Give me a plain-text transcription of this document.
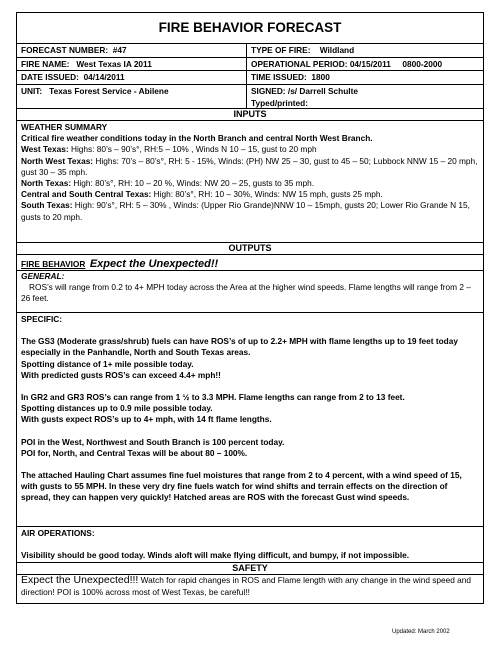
FIRE BEHAVIOR FORECAST
FORECAST NUMBER: #47	TYPE OF FIRE: Wildland
FIRE NAME: West Texas IA 2011	OPERATIONAL PERIOD: 04/15/2011 0800-2000
DATE ISSUED: 04/14/2011	TIME ISSUED: 1800
UNIT: Texas Forest Service - Abilene	SIGNED: /s/ Darrell Schulte
Typed/printed:
INPUTS
WEATHER SUMMARY
Critical fire weather conditions today in the North Branch and central North West Branch.
West Texas: Highs: 80’s – 90’s°, RH:5 – 10% , Winds N 10 – 15, gust to 20 mph
North West Texas: Highs: 70’s – 80’s°, RH: 5 - 15%, Winds: (PH) NW 25 – 30, gust to 45 – 50; Lubbock NNW 15 – 20 mph, gust 30 – 35 mph.
North Texas: High: 80’s°, RH: 10 – 20 %, Winds: NW 20 – 25, gusts to 35 mph.
Central and South Central Texas: High: 80’s°, RH: 10 – 30%, Winds: NW 15 mph, gusts 25 mph.
South Texas: High: 90’s°, RH: 5 – 30% , Winds: (Upper Rio Grande)NNW 10 – 15mph, gusts 20; Lower Rio Grande N 15, gusts to 20 mph.
OUTPUTS
FIRE BEHAVIOR Expect the Unexpected!!
GENERAL:
ROS’s will range from 0.2 to 4+ MPH today across the Area at the higher wind speeds. Flame lengths will range from 2 – 26 feet.
SPECIFIC:
The GS3 (Moderate grass/shrub) fuels can have ROS’s of up to 2.2+ MPH with flame lengths up to 19 feet today especially in the Panhandle, North and South Texas areas.
Spotting distance of 1+ mile possible today.
With predicted gusts ROS’s can exceed 4.4+ mph!!
In GR2 and GR3 ROS’s can range from 1 ½ to 3.3 MPH. Flame lengths can range from 2 to 13 feet.
Spotting distances up to 0.9 mile possible today.
With gusts expect ROS’s up to 4+ mph, with 14 ft flame lengths.
POI in the West, Northwest and South Branch is 100 percent today.
POI for, North, and Central Texas will be about 80 – 100%.
The attached Hauling Chart assumes fine fuel moistures that range from 2 to 4 percent, with a wind speed of 15, with gusts to 55 MPH. In these very dry fine fuels watch for wind shifts and terrain effects on the direction of spread, they can happen very quickly! Hatched areas are ROS with the forecast Gust wind speeds.
AIR OPERATIONS:
Visibility should be good today. Winds aloft will make flying difficult, and bumpy, if not impossible.
SAFETY
Expect the Unexpected!!! Watch for rapid changes in ROS and Flame length with any change in the wind speed and direction! POI is 100% across most of West Texas, be careful!!
Updated: March 2002
